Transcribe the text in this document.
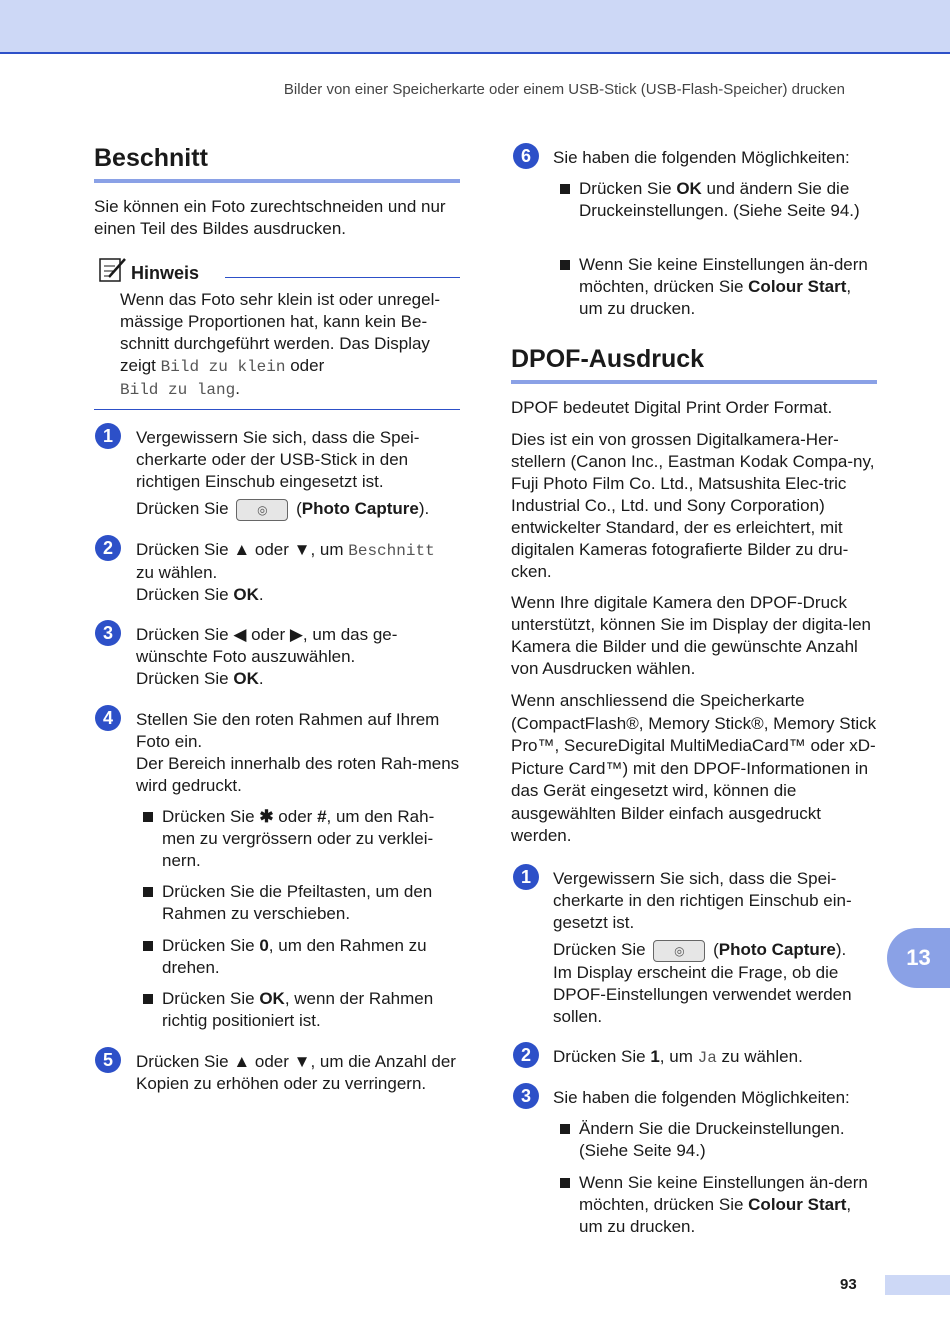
Bilder von einer Speicherkarte oder einem USB-Stick (USB-Flash-Speicher) drucken
Beschnitt

Sie können ein Foto zurechtschneiden und nur einen Teil des Bildes ausdrucken.

Hinweis
Wenn das Foto sehr klein ist oder unregel-mässige Proportionen hat, kann kein Be-schnitt durchgeführt werden. Das Display zeigt Bild zu klein oder
Bild zu lang.
1	Vergewissern Sie sich, dass die Spei-cherkarte oder der USB-Stick in den richtigen Einschub eingesetzt ist.
Drücken Sie ◎ (Photo Capture).
2	Drücken Sie ▲ oder ▼, um Beschnitt
zu wählen.
Drücken Sie OK.
3	Drücken Sie ◀ oder ▶, um das ge-wünschte Foto auszuwählen.
Drücken Sie OK.
4	Stellen Sie den roten Rahmen auf Ihrem Foto ein.
Der Bereich innerhalb des roten Rah-mens wird gedruckt.
Drücken Sie ✱ oder #, um den Rah-men zu vergrössern oder zu verklei-nern.
Drücken Sie die Pfeiltasten, um den Rahmen zu verschieben.
Drücken Sie 0, um den Rahmen zu drehen.
Drücken Sie OK, wenn der Rahmen richtig positioniert ist.
5	Drücken Sie ▲ oder ▼, um die Anzahl der Kopien zu erhöhen oder zu verringern.
6	Sie haben die folgenden Möglichkeiten:
Drücken Sie OK und ändern Sie die Druckeinstellungen. (Siehe Seite 94.)
Wenn Sie keine Einstellungen än-dern möchten, drücken Sie Colour Start, um zu drucken.
DPOF-Ausdruck

DPOF bedeutet Digital Print Order Format.

Dies ist ein von grossen Digitalkamera-Her-stellern (Canon Inc., Eastman Kodak Compa-ny, Fuji Photo Film Co. Ltd., Matsushita Elec-tric Industrial Co., Ltd. und Sony Corporation) entwickelter Standard, der es erleichtert, mit digitalen Kameras fotografierte Bilder zu dru-cken.

Wenn Ihre digitale Kamera den DPOF-Druck unterstützt, können Sie im Display der digita-len Kamera die Bilder und die gewünschte Anzahl von Ausdrucken wählen.

Wenn anschliessend die Speicherkarte (CompactFlash®, Memory Stick®, Memory Stick Pro™, SecureDigital MultiMediaCard™ oder xD-Picture Card™) mit den DPOF-Informationen in das Gerät eingesetzt wird, können die ausgewählten Bilder einfach ausgedruckt werden.

1	Vergewissern Sie sich, dass die Spei-cherkarte in den richtigen Einschub ein-gesetzt ist.
Drücken Sie ◎ (Photo Capture).
Im Display erscheint die Frage, ob die DPOF-Einstellungen verwendet werden sollen.
2	Drücken Sie 1, um Ja zu wählen.
3	Sie haben die folgenden Möglichkeiten:
Ändern Sie die Druckeinstellungen. (Siehe Seite 94.)
Wenn Sie keine Einstellungen än-dern möchten, drücken Sie Colour Start, um zu drucken.
13
93
